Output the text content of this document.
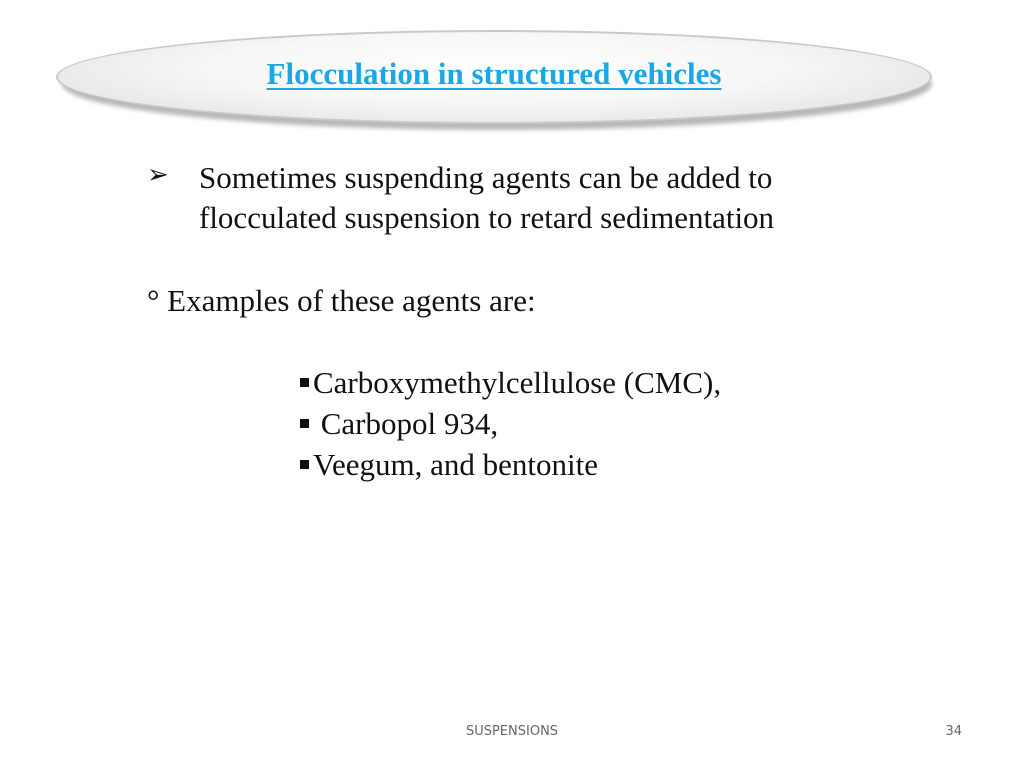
Flocculation in structured vehicles
➢ Sometimes suspending agents can be added to
flocculated suspension to retard sedimentation
° Examples of these agents are:
Carboxymethylcellulose (CMC),
Carbopol 934,
Veegum, and bentonite
SUSPENSIONS	34
